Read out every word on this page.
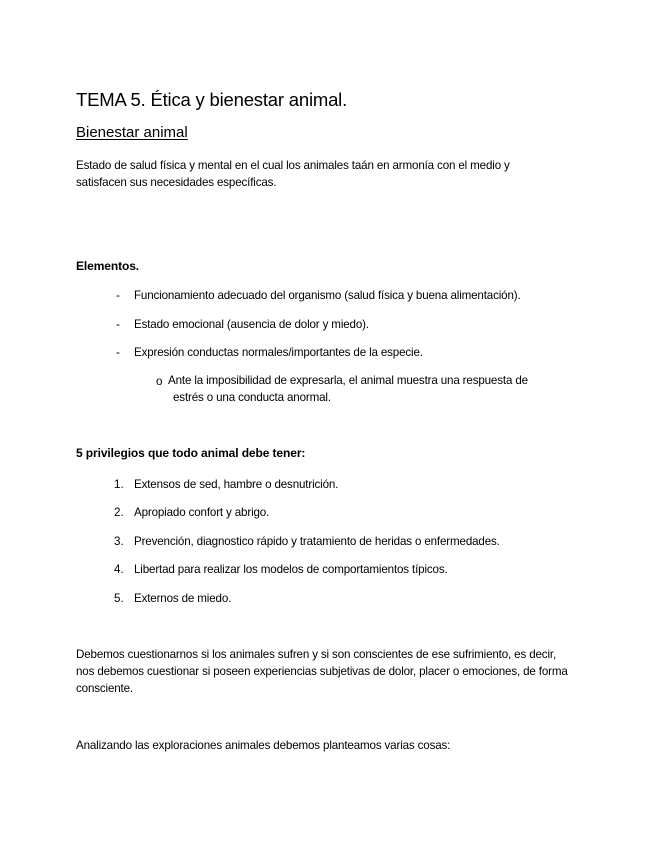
TEMA 5. Ética y bienestar animal.
Bienestar animal
Estado de salud física y mental en el cual los animales taán en armonía con el medio y satisfacen sus necesidades específicas.
Elementos.
- Funcionamiento adecuado del organismo (salud física y buena alimentación).
- Estado emocional (ausencia de dolor y miedo).
- Expresión conductas normales/importantes de la especie.
o Ante la imposibilidad de expresarla, el animal muestra una respuesta de
estrés o una conducta anormal.
5 privilegios que todo animal debe tener:
1. Extensos de sed, hambre o desnutrición.
2. Apropiado confort y abrigo.
3. Prevención, diagnostico rápido y tratamiento de heridas o enfermedades.
4. Libertad para realizar los modelos de comportamientos típicos.
5. Externos de miedo.
Debemos cuestionarnos si los animales sufren y si son conscientes de ese sufrimiento, es decir, nos debemos cuestionar si poseen experiencias subjetivas de dolor, placer o emociones, de forma consciente.
Analizando las exploraciones animales debemos planteamos varias cosas:
